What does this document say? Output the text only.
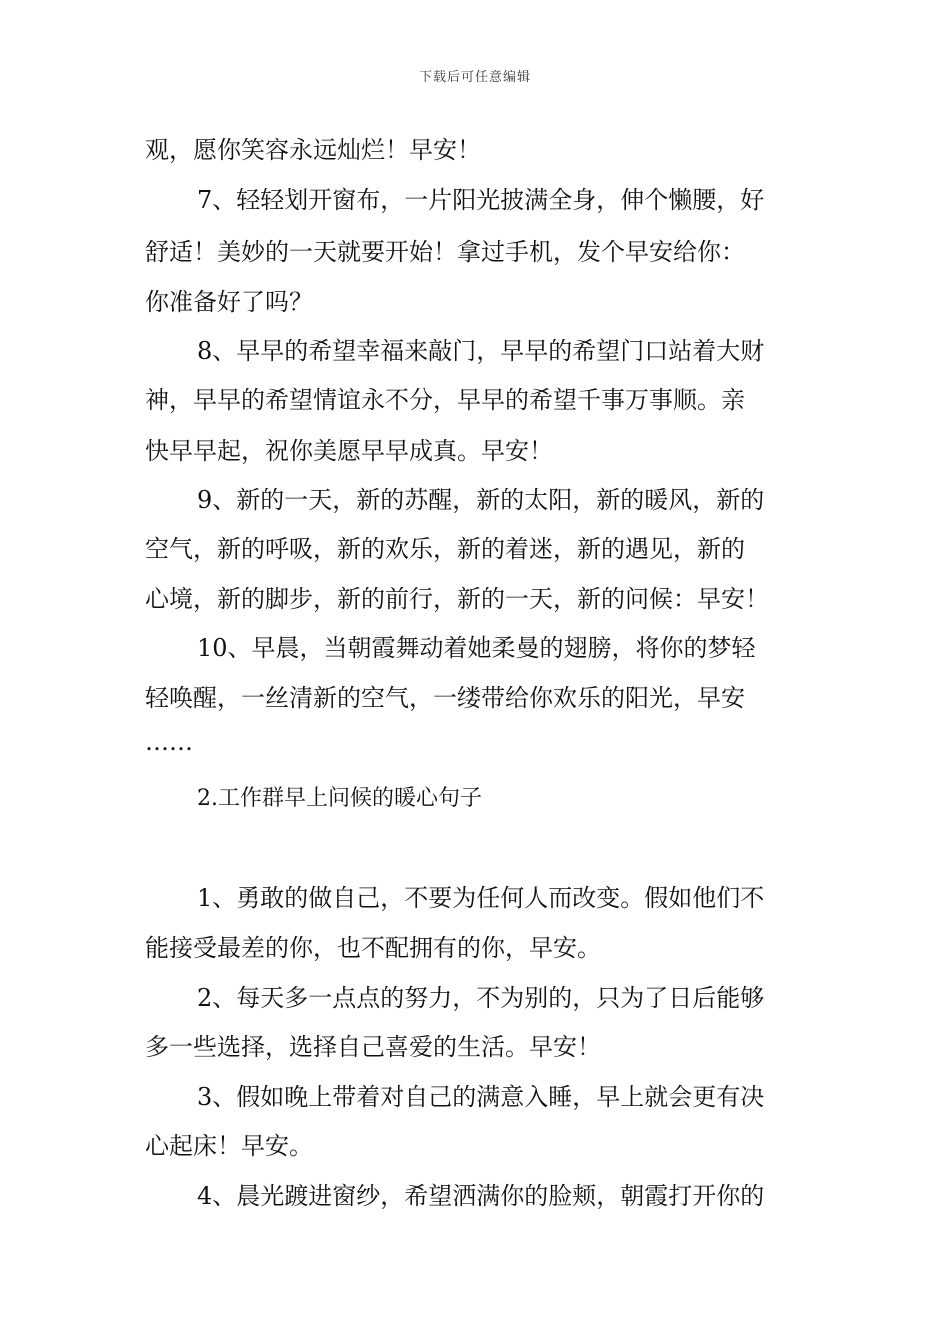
下载后可任意编辑
观，愿你笑容永远灿烂！早安！
7、轻轻划开窗布，一片阳光披满全身，伸个懒腰，好
舒适！美妙的一天就要开始！拿过手机，发个早安给你：
你准备好了吗？
8、早早的希望幸福来敲门，早早的希望门口站着大财
神，早早的希望情谊永不分，早早的希望千事万事顺。亲
快早早起，祝你美愿早早成真。早安！
9、新的一天，新的苏醒，新的太阳，新的暖风，新的
空气，新的呼吸，新的欢乐，新的着迷，新的遇见，新的
心境，新的脚步，新的前行，新的一天，新的问候：早安！
10、早晨，当朝霞舞动着她柔曼的翅膀，将你的梦轻
轻唤醒，一丝清新的空气，一缕带给你欢乐的阳光，早安
……
2.工作群早上问候的暖心句子
1、勇敢的做自己，不要为任何人而改变。假如他们不
能接受最差的你，也不配拥有的你，早安。
2、每天多一点点的努力，不为别的，只为了日后能够
多一些选择，选择自己喜爱的生活。早安！
3、假如晚上带着对自己的满意入睡，早上就会更有决
心起床！早安。
4、晨光踱进窗纱，希望洒满你的脸颊，朝霞打开你的
